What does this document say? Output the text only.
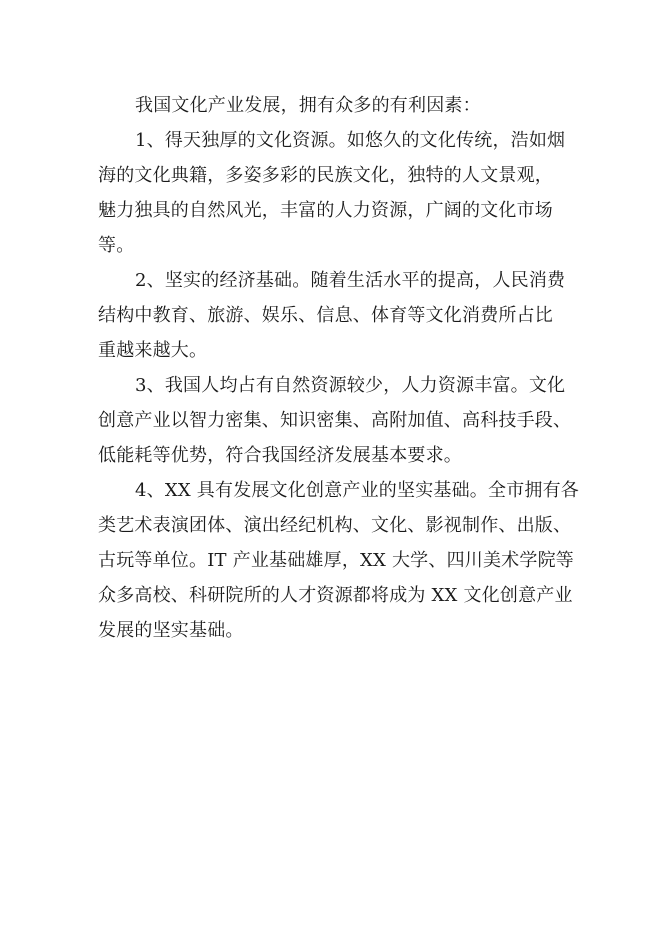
我国文化产业发展，拥有众多的有利因素：
1、得天独厚的文化资源。如悠久的文化传统，浩如烟
海的文化典籍，多姿多彩的民族文化，独特的人文景观，
魅力独具的自然风光，丰富的人力资源，广阔的文化市场
等。
2、坚实的经济基础。随着生活水平的提高，人民消费
结构中教育、旅游、娱乐、信息、体育等文化消费所占比
重越来越大。
3、我国人均占有自然资源较少，人力资源丰富。文化
创意产业以智力密集、知识密集、高附加值、高科技手段、
低能耗等优势，符合我国经济发展基本要求。
4、XX 具有发展文化创意产业的坚实基础。全市拥有各
类艺术表演团体、演出经纪机构、文化、影视制作、出版、
古玩等单位。IT 产业基础雄厚，XX 大学、四川美术学院等
众多高校、科研院所的人才资源都将成为 XX 文化创意产业
发展的坚实基础。
